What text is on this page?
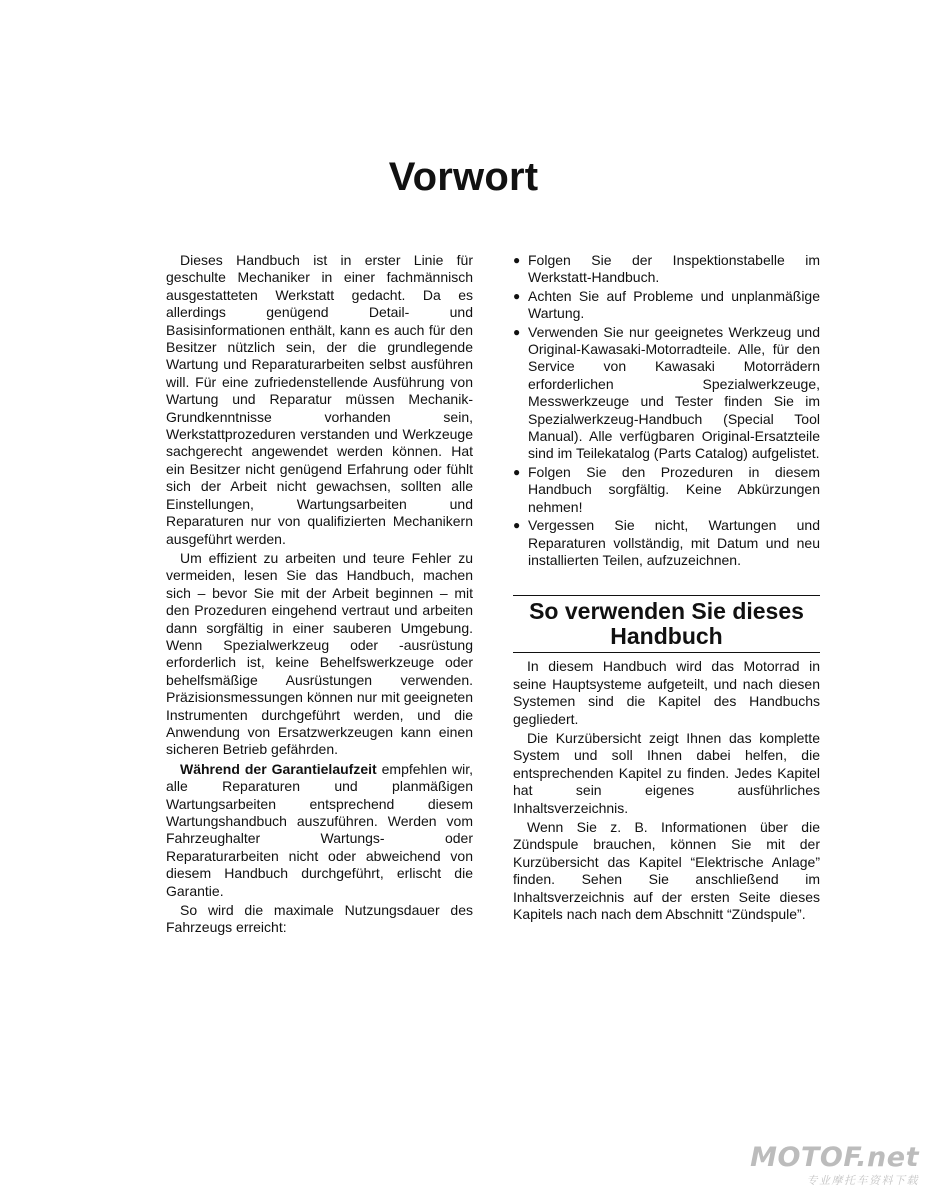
Vorwort

Dieses Handbuch ist in erster Linie für geschulte Mechaniker in einer fachmännisch ausgestatteten Werkstatt gedacht. Da es allerdings genügend Detail- und Basisinformationen enthält, kann es auch für den Besitzer nützlich sein, der die grundlegende Wartung und Reparaturarbeiten selbst ausführen will. Für eine zufriedenstellende Ausführung von Wartung und Reparatur müssen Mechanik-Grundkenntnisse vorhanden sein, Werkstattprozeduren verstanden und Werkzeuge sachgerecht angewendet werden können. Hat ein Besitzer nicht genügend Erfahrung oder fühlt sich der Arbeit nicht gewachsen, sollten alle Einstellungen, Wartungsarbeiten und Reparaturen nur von qualifizierten Mechanikern ausgeführt werden.

Um effizient zu arbeiten und teure Fehler zu vermeiden, lesen Sie das Handbuch, machen sich – bevor Sie mit der Arbeit beginnen – mit den Prozeduren eingehend vertraut und arbeiten dann sorgfältig in einer sauberen Umgebung. Wenn Spezialwerkzeug oder -ausrüstung erforderlich ist, keine Behelfswerkzeuge oder behelfsmäßige Ausrüstungen verwenden. Präzisionsmessungen können nur mit geeigneten Instrumenten durchgeführt werden, und die Anwendung von Ersatzwerkzeugen kann einen sicheren Betrieb gefährden.

Während der Garantielaufzeit empfehlen wir, alle Reparaturen und planmäßigen Wartungsarbeiten entsprechend diesem Wartungshandbuch auszuführen. Werden vom Fahrzeughalter Wartungs- oder Reparaturarbeiten nicht oder abweichend von diesem Handbuch durchgeführt, erlischt die Garantie.

So wird die maximale Nutzungsdauer des Fahrzeugs erreicht:

● Folgen Sie der Inspektionstabelle im Werkstatt-Handbuch.
● Achten Sie auf Probleme und unplanmäßige Wartung.
● Verwenden Sie nur geeignetes Werkzeug und Original-Kawasaki-Motorradteile. Alle, für den Service von Kawasaki Motorrädern erforderlichen Spezialwerkzeuge, Messwerkzeuge und Tester finden Sie im Spezialwerkzeug-Handbuch (Special Tool Manual). Alle verfügbaren Original-Ersatzteile sind im Teilekatalog (Parts Catalog) aufgelistet.
● Folgen Sie den Prozeduren in diesem Handbuch sorgfältig. Keine Abkürzungen nehmen!
● Vergessen Sie nicht, Wartungen und Reparaturen vollständig, mit Datum und neu installierten Teilen, aufzuzeichnen.
So verwenden Sie dieses
Handbuch

In diesem Handbuch wird das Motorrad in seine Hauptsysteme aufgeteilt, und nach diesen Systemen sind die Kapitel des Handbuchs gegliedert.

Die Kurzübersicht zeigt Ihnen das komplette System und soll Ihnen dabei helfen, die entsprechenden Kapitel zu finden. Jedes Kapitel hat sein eigenes ausführliches Inhaltsverzeichnis.

Wenn Sie z. B. Informationen über die Zündspule brauchen, können Sie mit der Kurzübersicht das Kapitel “Elektrische Anlage” finden. Sehen Sie anschließend im Inhaltsverzeichnis auf der ersten Seite dieses Kapitels nach nach dem Abschnitt “Zündspule”.

MOTOF.net
专业摩托车资料下载
